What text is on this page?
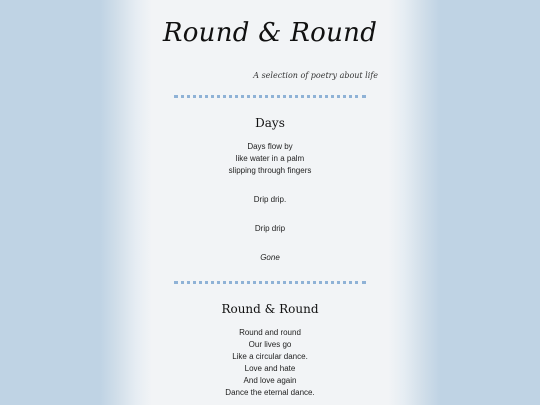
Round & Round

A selection of poetry about life

Days
Days flow by
like water in a palm
slipping through fingers
Drip drip.
Drip drip
Gone
Round & Round
Round and round
Our lives go
Like a circular dance.
Love and hate
And love again
Dance the eternal dance.
